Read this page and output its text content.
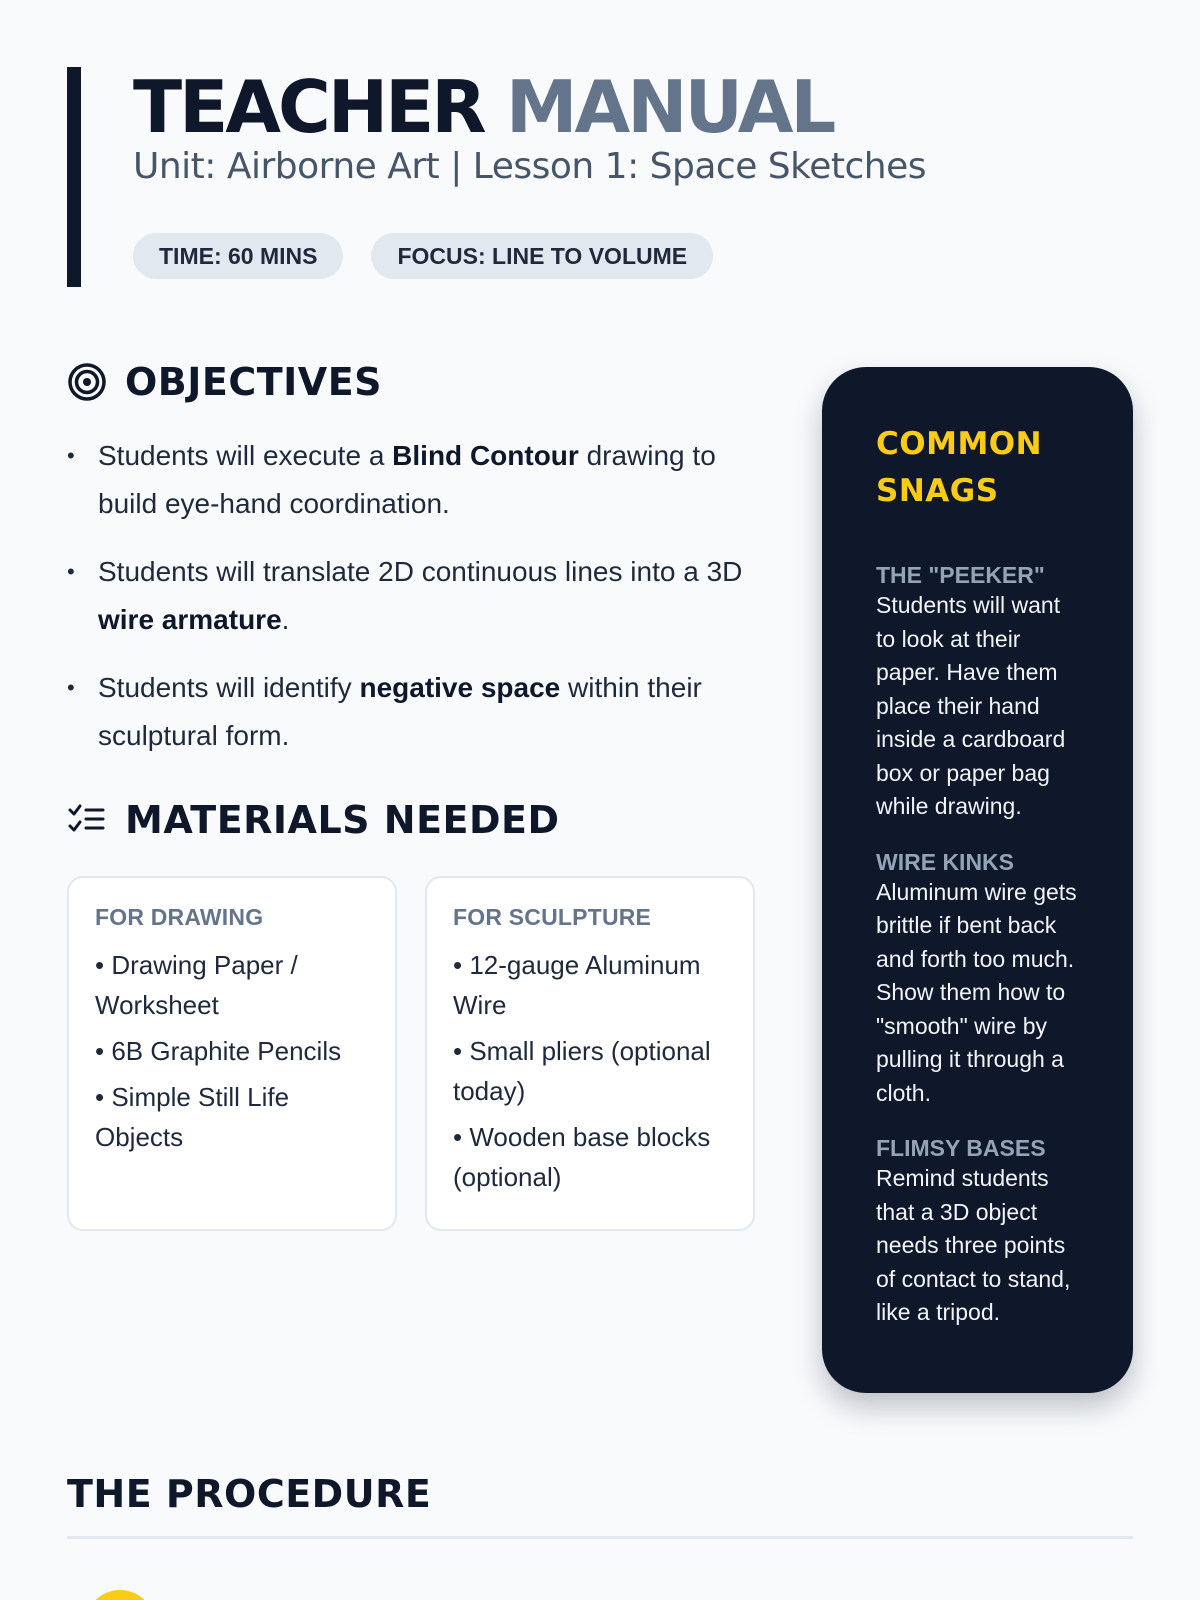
TEACHER MANUAL
Unit: Airborne Art | Lesson 1: Space Sketches
TIME: 60 MINS	FOCUS: LINE TO VOLUME
OBJECTIVES
• Students will execute a Blind Contour drawing to build eye-hand coordination.
• Students will translate 2D continuous lines into a 3D wire armature.
• Students will identify negative space within their sculptural form.
MATERIALS NEEDED
FOR DRAWING
• Drawing Paper / Worksheet
• 6B Graphite Pencils
• Simple Still Life Objects
FOR SCULPTURE
• 12-gauge Aluminum Wire
• Small pliers (optional today)
• Wooden base blocks (optional)
COMMON SNAGS
THE "PEEKER"

Students will want to look at their paper. Have them place their hand inside a cardboard box or paper bag while drawing.

WIRE KINKS

Aluminum wire gets brittle if bent back and forth too much. Show them how to "smooth" wire by pulling it through a cloth.

FLIMSY BASES

Remind students that a 3D object needs three points of contact to stand, like a tripod.

THE PROCEDURE
